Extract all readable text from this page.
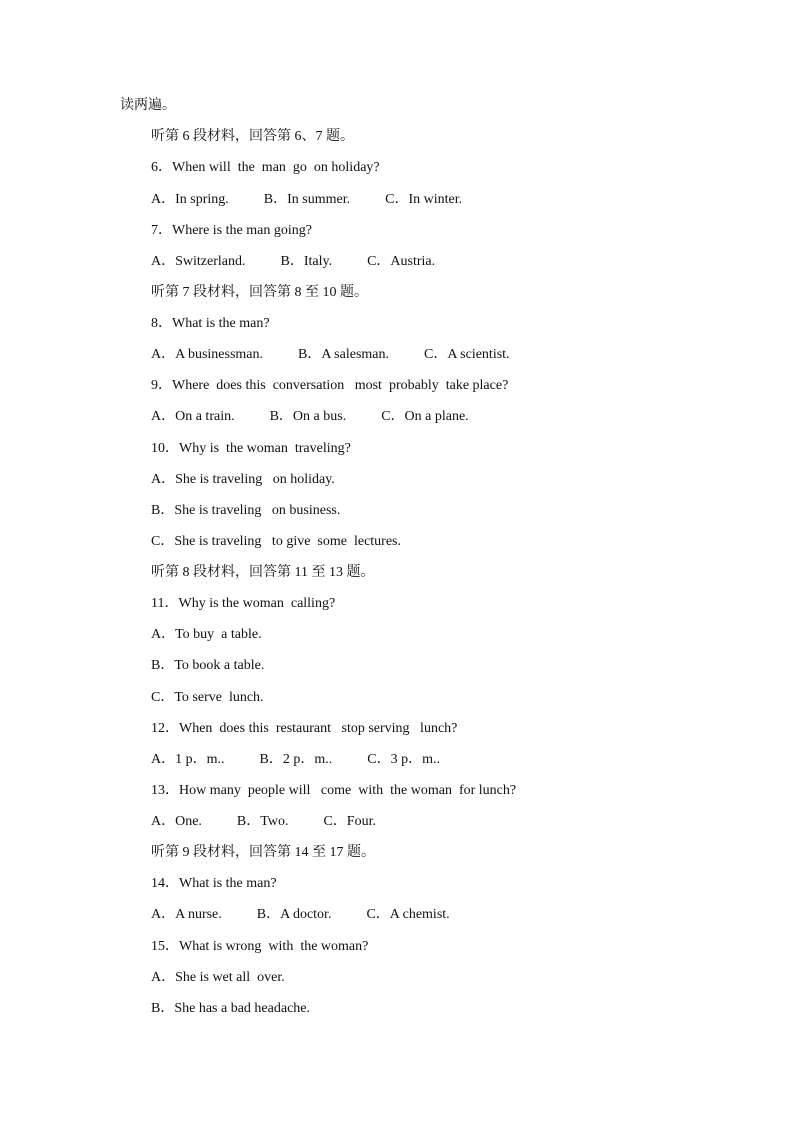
读两遍。
听第 6 段材料，回答第 6、7 题。
6．When will  the  man  go  on holiday?
A．In spring.          B．In summer.          C．In winter.
7．Where is the man going?
A．Switzerland.          B．Italy.          C．Austria.
听第 7 段材料，回答第 8 至 10 题。
8．What is the man?
A．A businessman.          B．A salesman.          C．A scientist.
9．Where  does this  conversation   most  probably  take place?
A．On a train.          B．On a bus.          C．On a plane.
10．Why is  the woman  traveling?
A．She is traveling   on holiday.
B．She is traveling   on business.
C．She is traveling   to give  some  lectures.
听第 8 段材料，回答第 11 至 13 题。
11．Why is the woman  calling?
A．To buy  a table.
B．To book a table.
C．To serve  lunch.
12．When  does this  restaurant   stop serving   lunch?
A．1 p．m..          B．2 p．m..          C．3 p．m..
13．How many  people will   come  with  the woman  for lunch?
A．One.          B．Two.          C．Four.
听第 9 段材料，回答第 14 至 17 题。
14．What is the man?
A．A nurse.          B．A doctor.          C．A chemist.
15．What is wrong  with  the woman?
A．She is wet all  over.
B．She has a bad headache.
